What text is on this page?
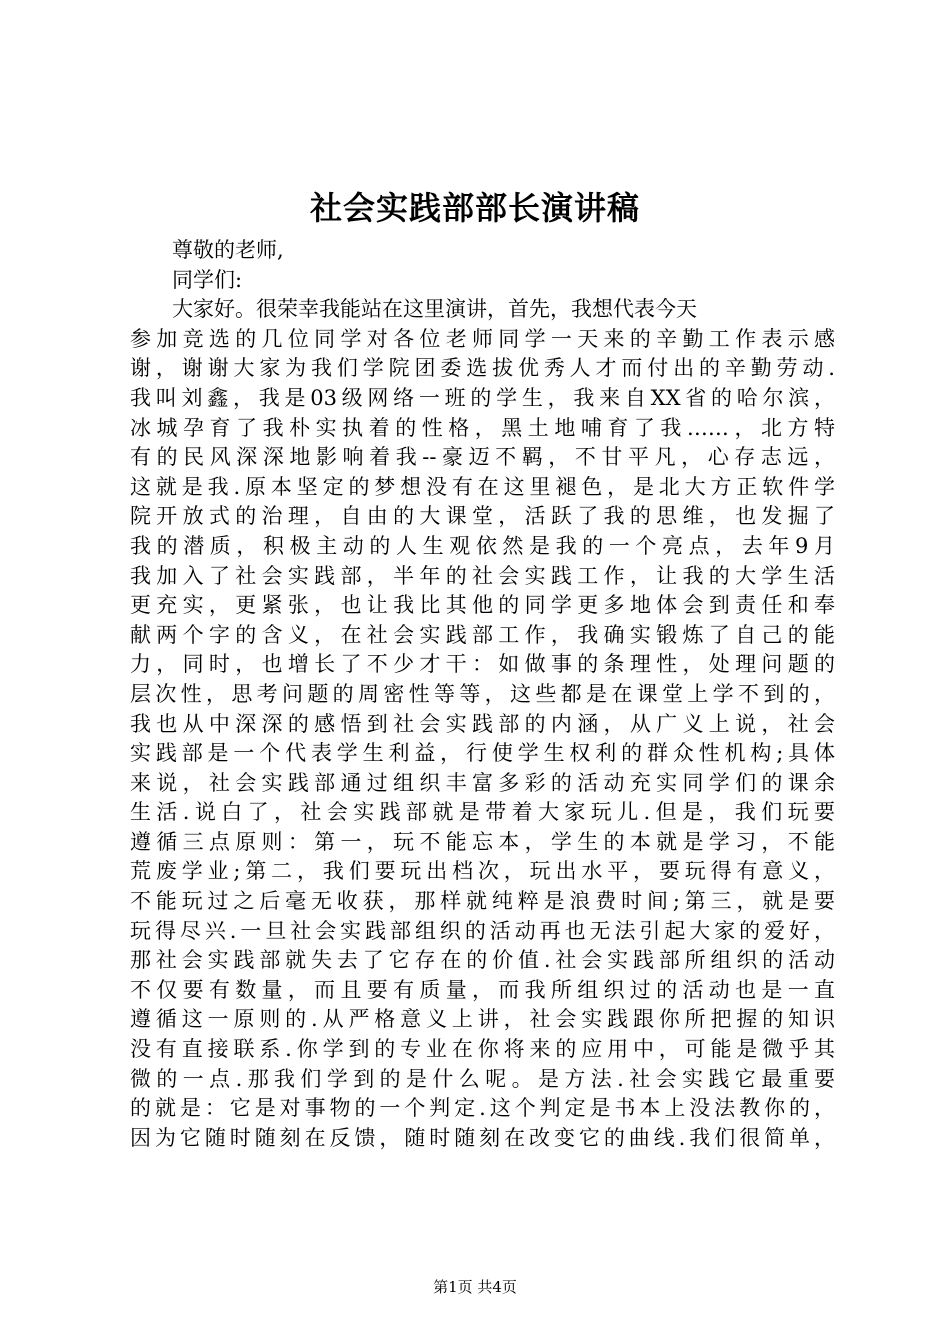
社会实践部部长演讲稿
尊敬的老师,
同学们:
大家好。很荣幸我能站在这里演讲，首先，我想代表今天
参加竞选的几位同学对各位老师同学一天来的辛勤工作表示感
谢，谢谢大家为我们学院团委选拔优秀人才而付出的辛勤劳动.
我叫刘鑫，我是03级网络一班的学生，我来自XX省的哈尔滨，
冰城孕育了我朴实执着的性格，黑土地哺育了我……，北方特
有的民风深深地影响着我--豪迈不羁，不甘平凡，心存志远，
这就是我.原本坚定的梦想没有在这里褪色，是北大方正软件学
院开放式的治理，自由的大课堂，活跃了我的思维，也发掘了
我的潜质，积极主动的人生观依然是我的一个亮点，去年9月
我加入了社会实践部，半年的社会实践工作，让我的大学生活
更充实，更紧张，也让我比其他的同学更多地体会到责任和奉
献两个字的含义，在社会实践部工作，我确实锻炼了自己的能
力，同时，也增长了不少才干：如做事的条理性，处理问题的
层次性，思考问题的周密性等等，这些都是在课堂上学不到的，
我也从中深深的感悟到社会实践部的内涵，从广义上说，社会
实践部是一个代表学生利益，行使学生权利的群众性机构;具体
来说，社会实践部通过组织丰富多彩的活动充实同学们的课余
生活.说白了，社会实践部就是带着大家玩儿.但是，我们玩要
遵循三点原则：第一，玩不能忘本，学生的本就是学习，不能
荒废学业;第二，我们要玩出档次，玩出水平，要玩得有意义，
不能玩过之后毫无收获，那样就纯粹是浪费时间;第三，就是要
玩得尽兴.一旦社会实践部组织的活动再也无法引起大家的爱好，
那社会实践部就失去了它存在的价值.社会实践部所组织的活动
不仅要有数量，而且要有质量，而我所组织过的活动也是一直
遵循这一原则的.从严格意义上讲，社会实践跟你所把握的知识
没有直接联系.你学到的专业在你将来的应用中，可能是微乎其
微的一点.那我们学到的是什么呢。是方法.社会实践它最重要
的就是：它是对事物的一个判定.这个判定是书本上没法教你的，
因为它随时随刻在反馈，随时随刻在改变它的曲线.我们很简单，
第1页 共4页
